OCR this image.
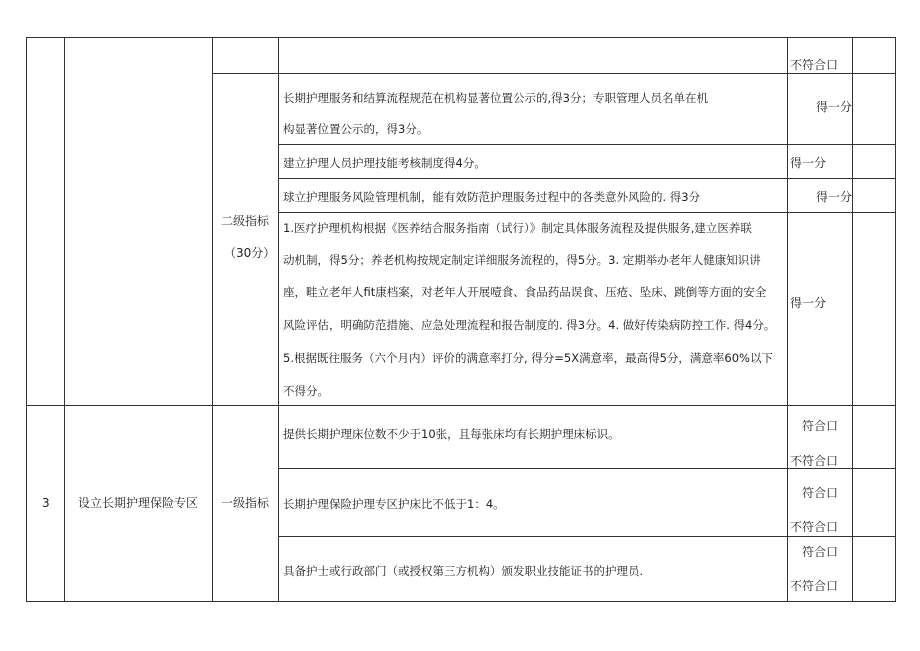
不符合口
二级指标
（30分）
长期护理服务和结算流程规范在机构显著位置公示的,得3分；专职管理人员名单在机
构显著位置公示的，得3分。
得一分
建立护理人员护理技能考核制度得4分。	得一分
球立护理服务风险管理机制，能有效防范护理服务过程中的各类意外风险的. 得3分	得一分
1.医疗护理机构根据《医养结合服务指南（试行）》制定具体服务流程及提供服务,建立医养联
动机制，得5分；养老机构按规定制定详细服务流程的，得5分。3. 定期举办老年人健康知识讲
座，畦立老年人fit康档案，对老年人开展噎食、食品药品误食、压疮、坠床、跳倒等方面的安全
风险评估，明确防范措施、应急处理流程和报告制度的. 得3分。4. 做好传染病防控工作. 得4分。
5.根据既往服务（六个月内）评价的满意率打分, 得分=5X满意率，最高得5分，满意率60%以下
不得分。
得一分
3 设立长期护理保险专区 一级指标
提供长期护理床位数不少于10张，且每张床均有长期护理床标识。
符合口
不符合口
长期护理保险护理专区护床比不低于1：4。
符合口
不符合口
具备护士或行政部门（或授权第三方机构）颁发职业技能证书的护理员.
符合口
不符合口
